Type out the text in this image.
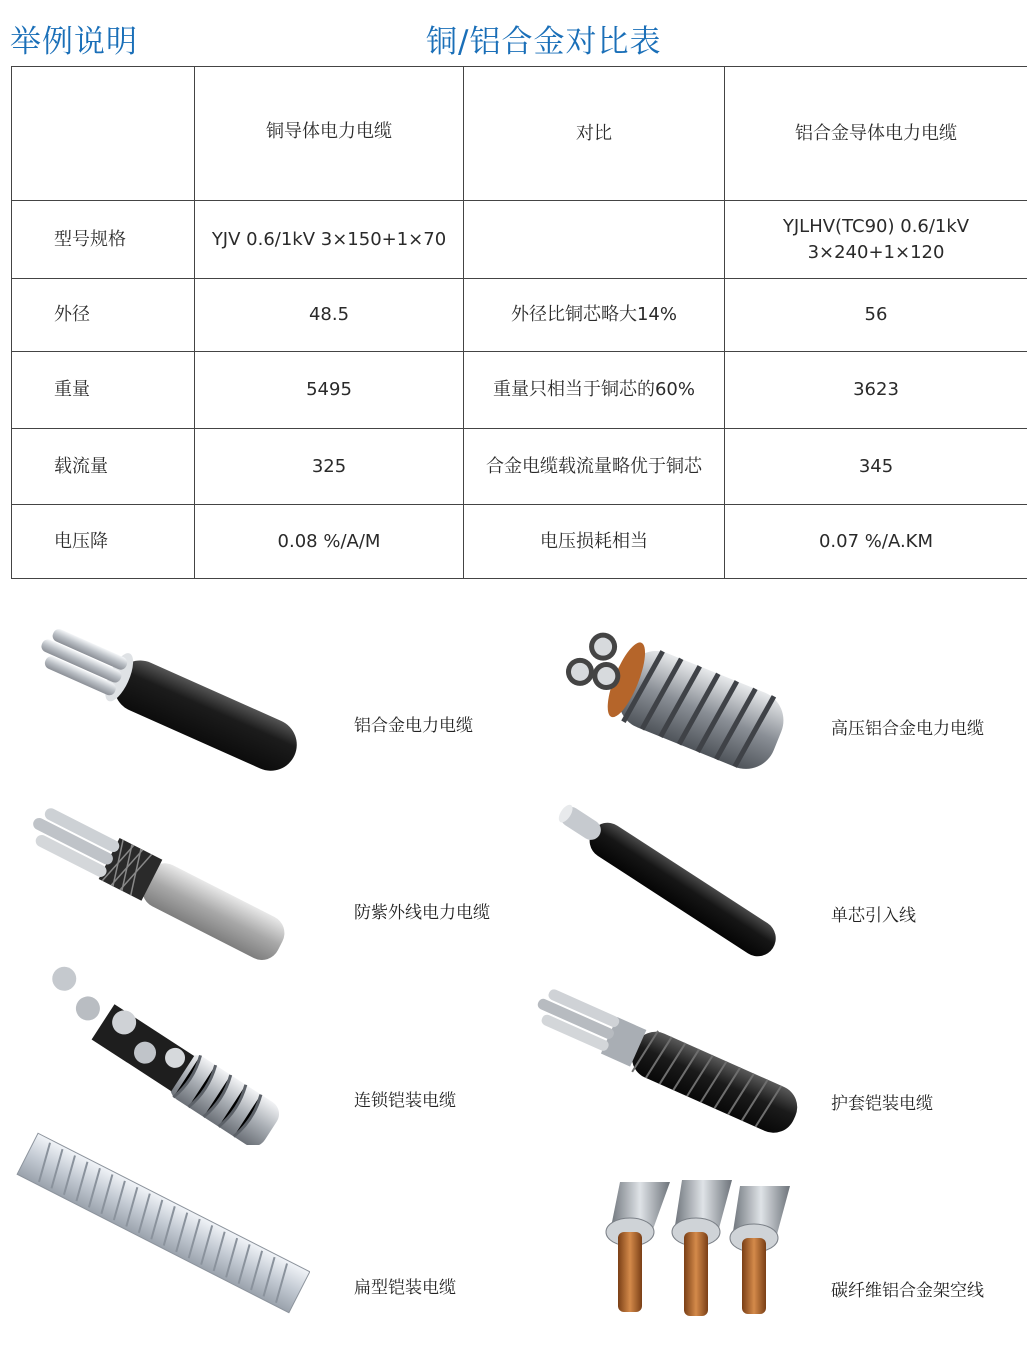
举例说明	铜/铝合金对比表
	铜导体电力电缆	对比	铝合金导体电力电缆
型号规格	YJV 0.6/1kV 3×150+1×70		YJLHV(TC90) 0.6/1kV
3×240+1×120

外径	48.5	外径比铜芯略大14%	56
重量	5495	重量只相当于铜芯的60%	3623
载流量	325	合金电缆载流量略优于铜芯	345
电压降	0.08 %/A/M	电压损耗相当	0.07 %/A.KM
铝合金电力电缆	高压铝合金电力电缆
防紫外线电力电缆	单芯引入线
连锁铠装电缆	护套铠装电缆
扁型铠装电缆	碳纤维铝合金架空线
